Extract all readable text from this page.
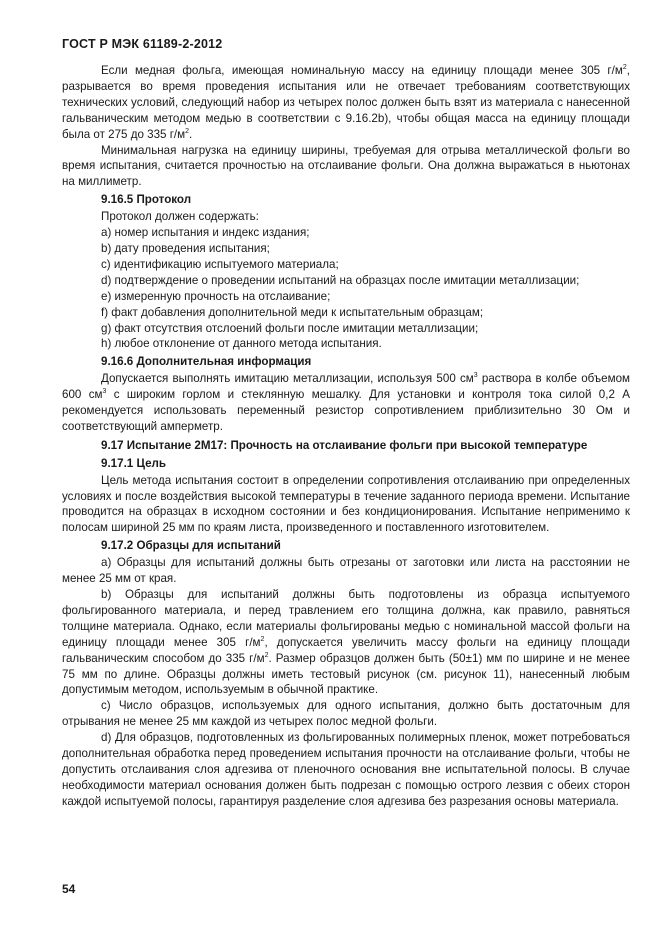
ГОСТ Р МЭК 61189-2-2012

Если медная фольга, имеющая номинальную массу на единицу площади менее 305 $г/м^2$, разрывается во время проведения испытания или не отвечает требованиям соответствующих технических условий, следующий набор из четырех полос должен быть взят из материала с нанесенной гальваническим методом медью в соответствии с 9.16.2b), чтобы общая масса на единицу площади была от 275 до 335 $г/м^2$.

Минимальная нагрузка на единицу ширины, требуемая для отрыва металлической фольги во время испытания, считается прочностью на отслаивание фольги. Она должна выражаться в ньютонах на миллиметр.

9.16.5 Протокол
Протокол должен содержать:
a) номер испытания и индекс издания;
b) дату проведения испытания;
c) идентификацию испытуемого материала;
d) подтверждение о проведении испытаний на образцах после имитации металлизации;
e) измеренную прочность на отслаивание;
f) факт добавления дополнительной меди к испытательным образцам;
g) факт отсутствия отслоений фольги после имитации металлизации;
h) любое отклонение от данного метода испытания.
9.16.6 Дополнительная информация

Допускается выполнять имитацию металлизации, используя 500 $см^3$ раствора в колбе объемом 600 $см^3$ с широким горлом и стеклянную мешалку. Для установки и контроля тока силой 0,2 А рекомендуется использовать переменный резистор сопротивлением приблизительно 30 Ом и соответствующий амперметр.

9.17 Испытание 2М17: Прочность на отслаивание фольги при высокой температуре
9.17.1 Цель

Цель метода испытания состоит в определении сопротивления отслаиванию при определенных условиях и после воздействия высокой температуры в течение заданного периода времени. Испытание проводится на образцах в исходном состоянии и без кондиционирования. Испытание неприменимо к полосам шириной 25 мм по краям листа, произведенного и поставленного изготовителем.

9.17.2 Образцы для испытаний

а) Образцы для испытаний должны быть отрезаны от заготовки или листа на расстоянии не менее 25 мм от края.

b) Образцы для испытаний должны быть подготовлены из образца испытуемого фольгированного материала, и перед травлением его толщина должна, как правило, равняться толщине материала. Однако, если материалы фольгированы медью с номинальной массой фольги на единицу площади менее 305 $г/м^2$, допускается увеличить массу фольги на единицу площади гальваническим способом до 335 $г/м^2$. Размер образцов должен быть (50±1) мм по ширине и не менее 75 мм по длине. Образцы должны иметь тестовый рисунок (см. рисунок 11), нанесенный любым допустимым методом, используемым в обычной практике.

c) Число образцов, используемых для одного испытания, должно быть достаточным для отрывания не менее 25 мм каждой из четырех полос медной фольги.

d) Для образцов, подготовленных из фольгированных полимерных пленок, может потребоваться дополнительная обработка перед проведением испытания прочности на отслаивание фольги, чтобы не допустить отслаивания слоя адгезива от пленочного основания вне испытательной полосы. В случае необходимости материал основания должен быть подрезан с помощью острого лезвия с обеих сторон каждой испытуемой полосы, гарантируя разделение слоя адгезива без разрезания основы материала.

54
